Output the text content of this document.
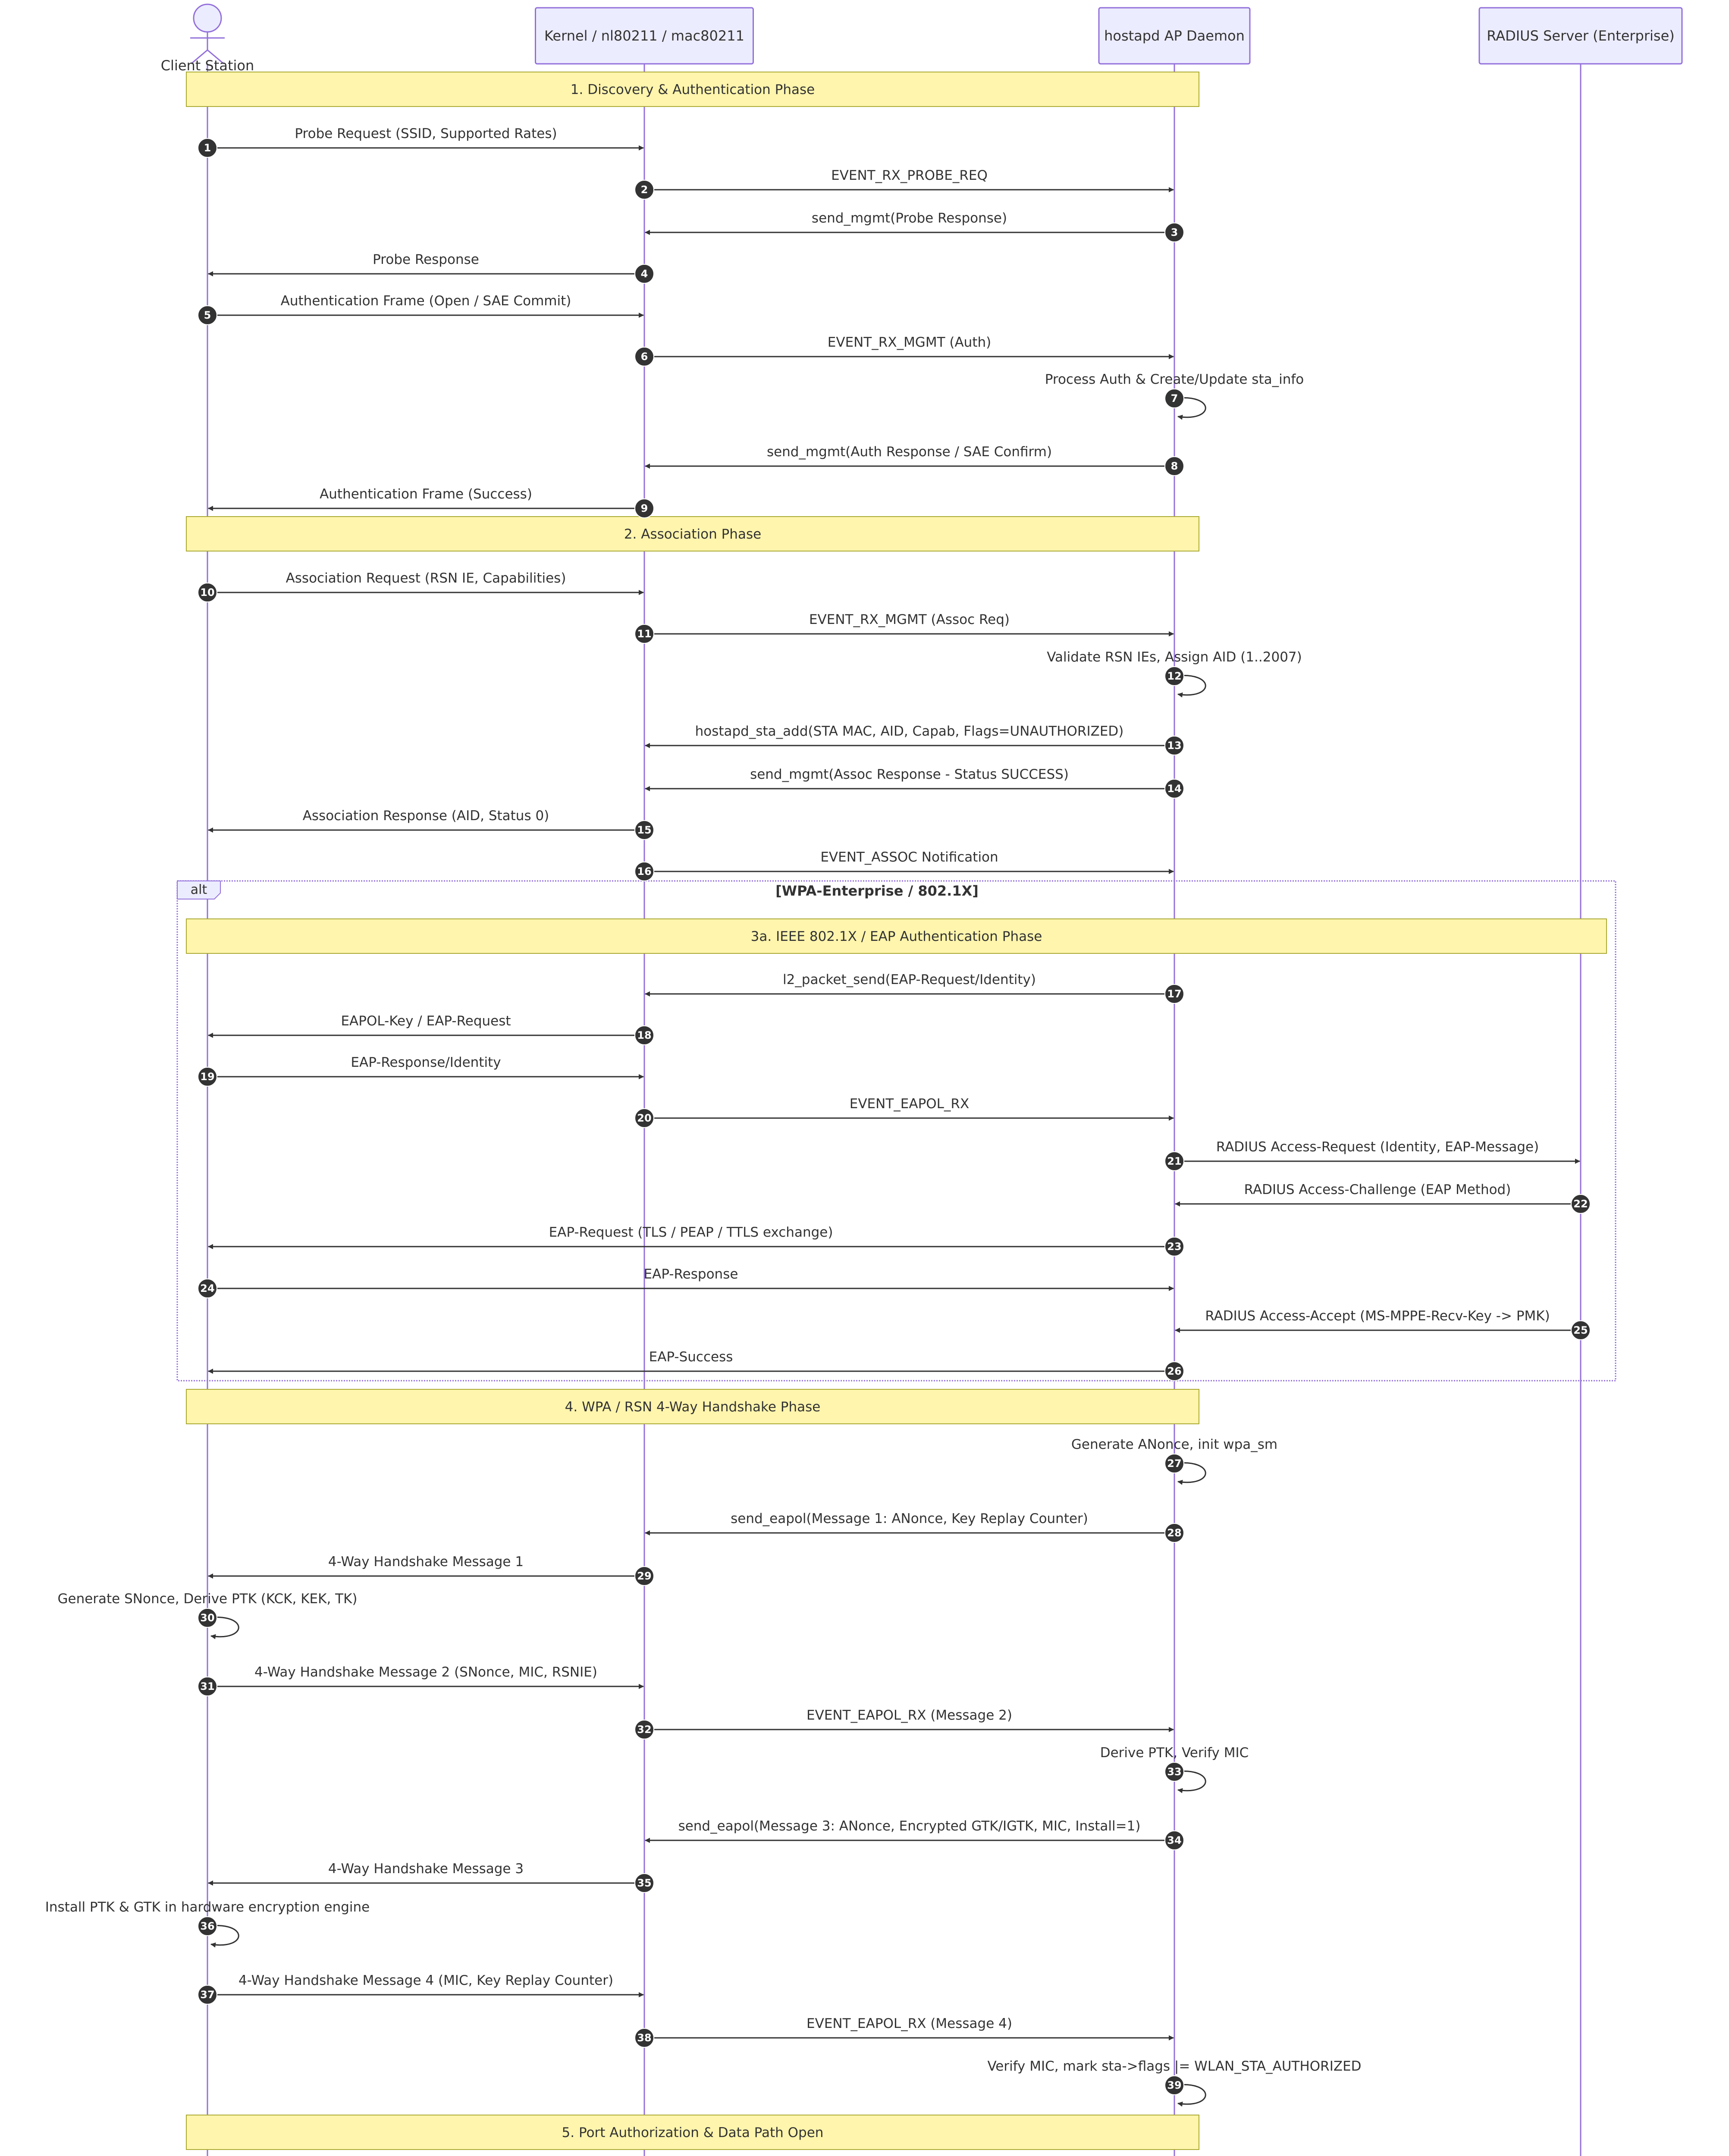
alt	[WPA-Enterprise / 802.1X]
1. Discovery & Authentication Phase
2. Association Phase
3a. IEEE 802.1X / EAP Authentication Phase
4. WPA / RSN 4-Way Handshake Phase
5. Port Authorization & Data Path Open
Probe Request (SSID, Supported Rates)
1
EVENT_RX_PROBE_REQ
2
send_mgmt(Probe Response)
3
Probe Response
4
Authentication Frame (Open / SAE Commit)
5
EVENT_RX_MGMT (Auth)
6
Process Auth & Create/Update sta_info
7
send_mgmt(Auth Response / SAE Confirm)
8
Authentication Frame (Success)
9
Association Request (RSN IE, Capabilities)
10
EVENT_RX_MGMT (Assoc Req)
11
Validate RSN IEs, Assign AID (1..2007)
12
hostapd_sta_add(STA MAC, AID, Capab, Flags=UNAUTHORIZED)
13
send_mgmt(Assoc Response - Status SUCCESS)
14
Association Response (AID, Status 0)
15
EVENT_ASSOC Notification
16
l2_packet_send(EAP-Request/Identity)
17
EAPOL-Key / EAP-Request
18
EAP-Response/Identity
19
EVENT_EAPOL_RX
20
RADIUS Access-Request (Identity, EAP-Message)
21
RADIUS Access-Challenge (EAP Method)
22
EAP-Request (TLS / PEAP / TTLS exchange)
23
EAP-Response
24
RADIUS Access-Accept (MS-MPPE-Recv-Key -> PMK)
25
EAP-Success
26
Generate ANonce, init wpa_sm
27
send_eapol(Message 1: ANonce, Key Replay Counter)
28
4-Way Handshake Message 1
29
Generate SNonce, Derive PTK (KCK, KEK, TK)
30
4-Way Handshake Message 2 (SNonce, MIC, RSNIE)
31
EVENT_EAPOL_RX (Message 2)
32
Derive PTK, Verify MIC
33
send_eapol(Message 3: ANonce, Encrypted GTK/IGTK, MIC, Install=1)
34
4-Way Handshake Message 3
35
Install PTK & GTK in hardware encryption engine
36
4-Way Handshake Message 4 (MIC, Key Replay Counter)
37
EVENT_EAPOL_RX (Message 4)
38
Verify MIC, mark sta->flags |= WLAN_STA_AUTHORIZED
39
Client Station
Kernel / nl80211 / mac80211	hostapd AP Daemon	RADIUS Server (Enterprise)
